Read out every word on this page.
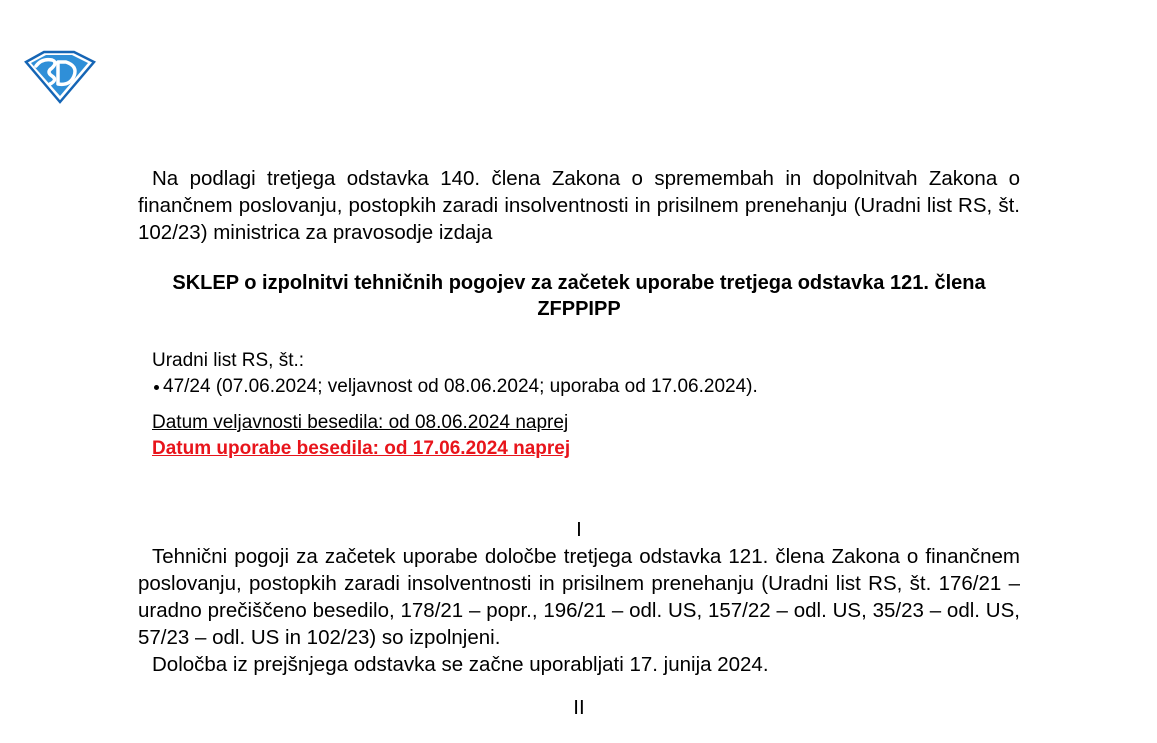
Na podlagi tretjega odstavka 140. člena Zakona o spremembah in dopolnitvah Zakona o finančnem poslovanju, postopkih zaradi insolventnosti in prisilnem prenehanju (Uradni list RS, št. 102/23) ministrica za pravosodje izdaja

SKLEP o izpolnitvi tehničnih pogojev za začetek uporabe tretjega odstavka 121. člena ZFPPIPP
Uradni list RS, št.:
47/24 (07.06.2024; veljavnost od 08.06.2024; uporaba od 17.06.2024).
Datum veljavnosti besedila: od 08.06.2024 naprej
Datum uporabe besedila: od 17.06.2024 naprej
I

Tehnični pogoji za začetek uporabe določbe tretjega odstavka 121. člena Zakona o finančnem poslovanju, postopkih zaradi insolventnosti in prisilnem prenehanju (Uradni list RS, št. 176/21 – uradno prečiščeno besedilo, 178/21 – popr., 196/21 – odl. US, 157/22 – odl. US, 35/23 – odl. US, 57/23 – odl. US in 102/23) so izpolnjeni.

Določba iz prejšnjega odstavka se začne uporabljati 17. junija 2024.

II
